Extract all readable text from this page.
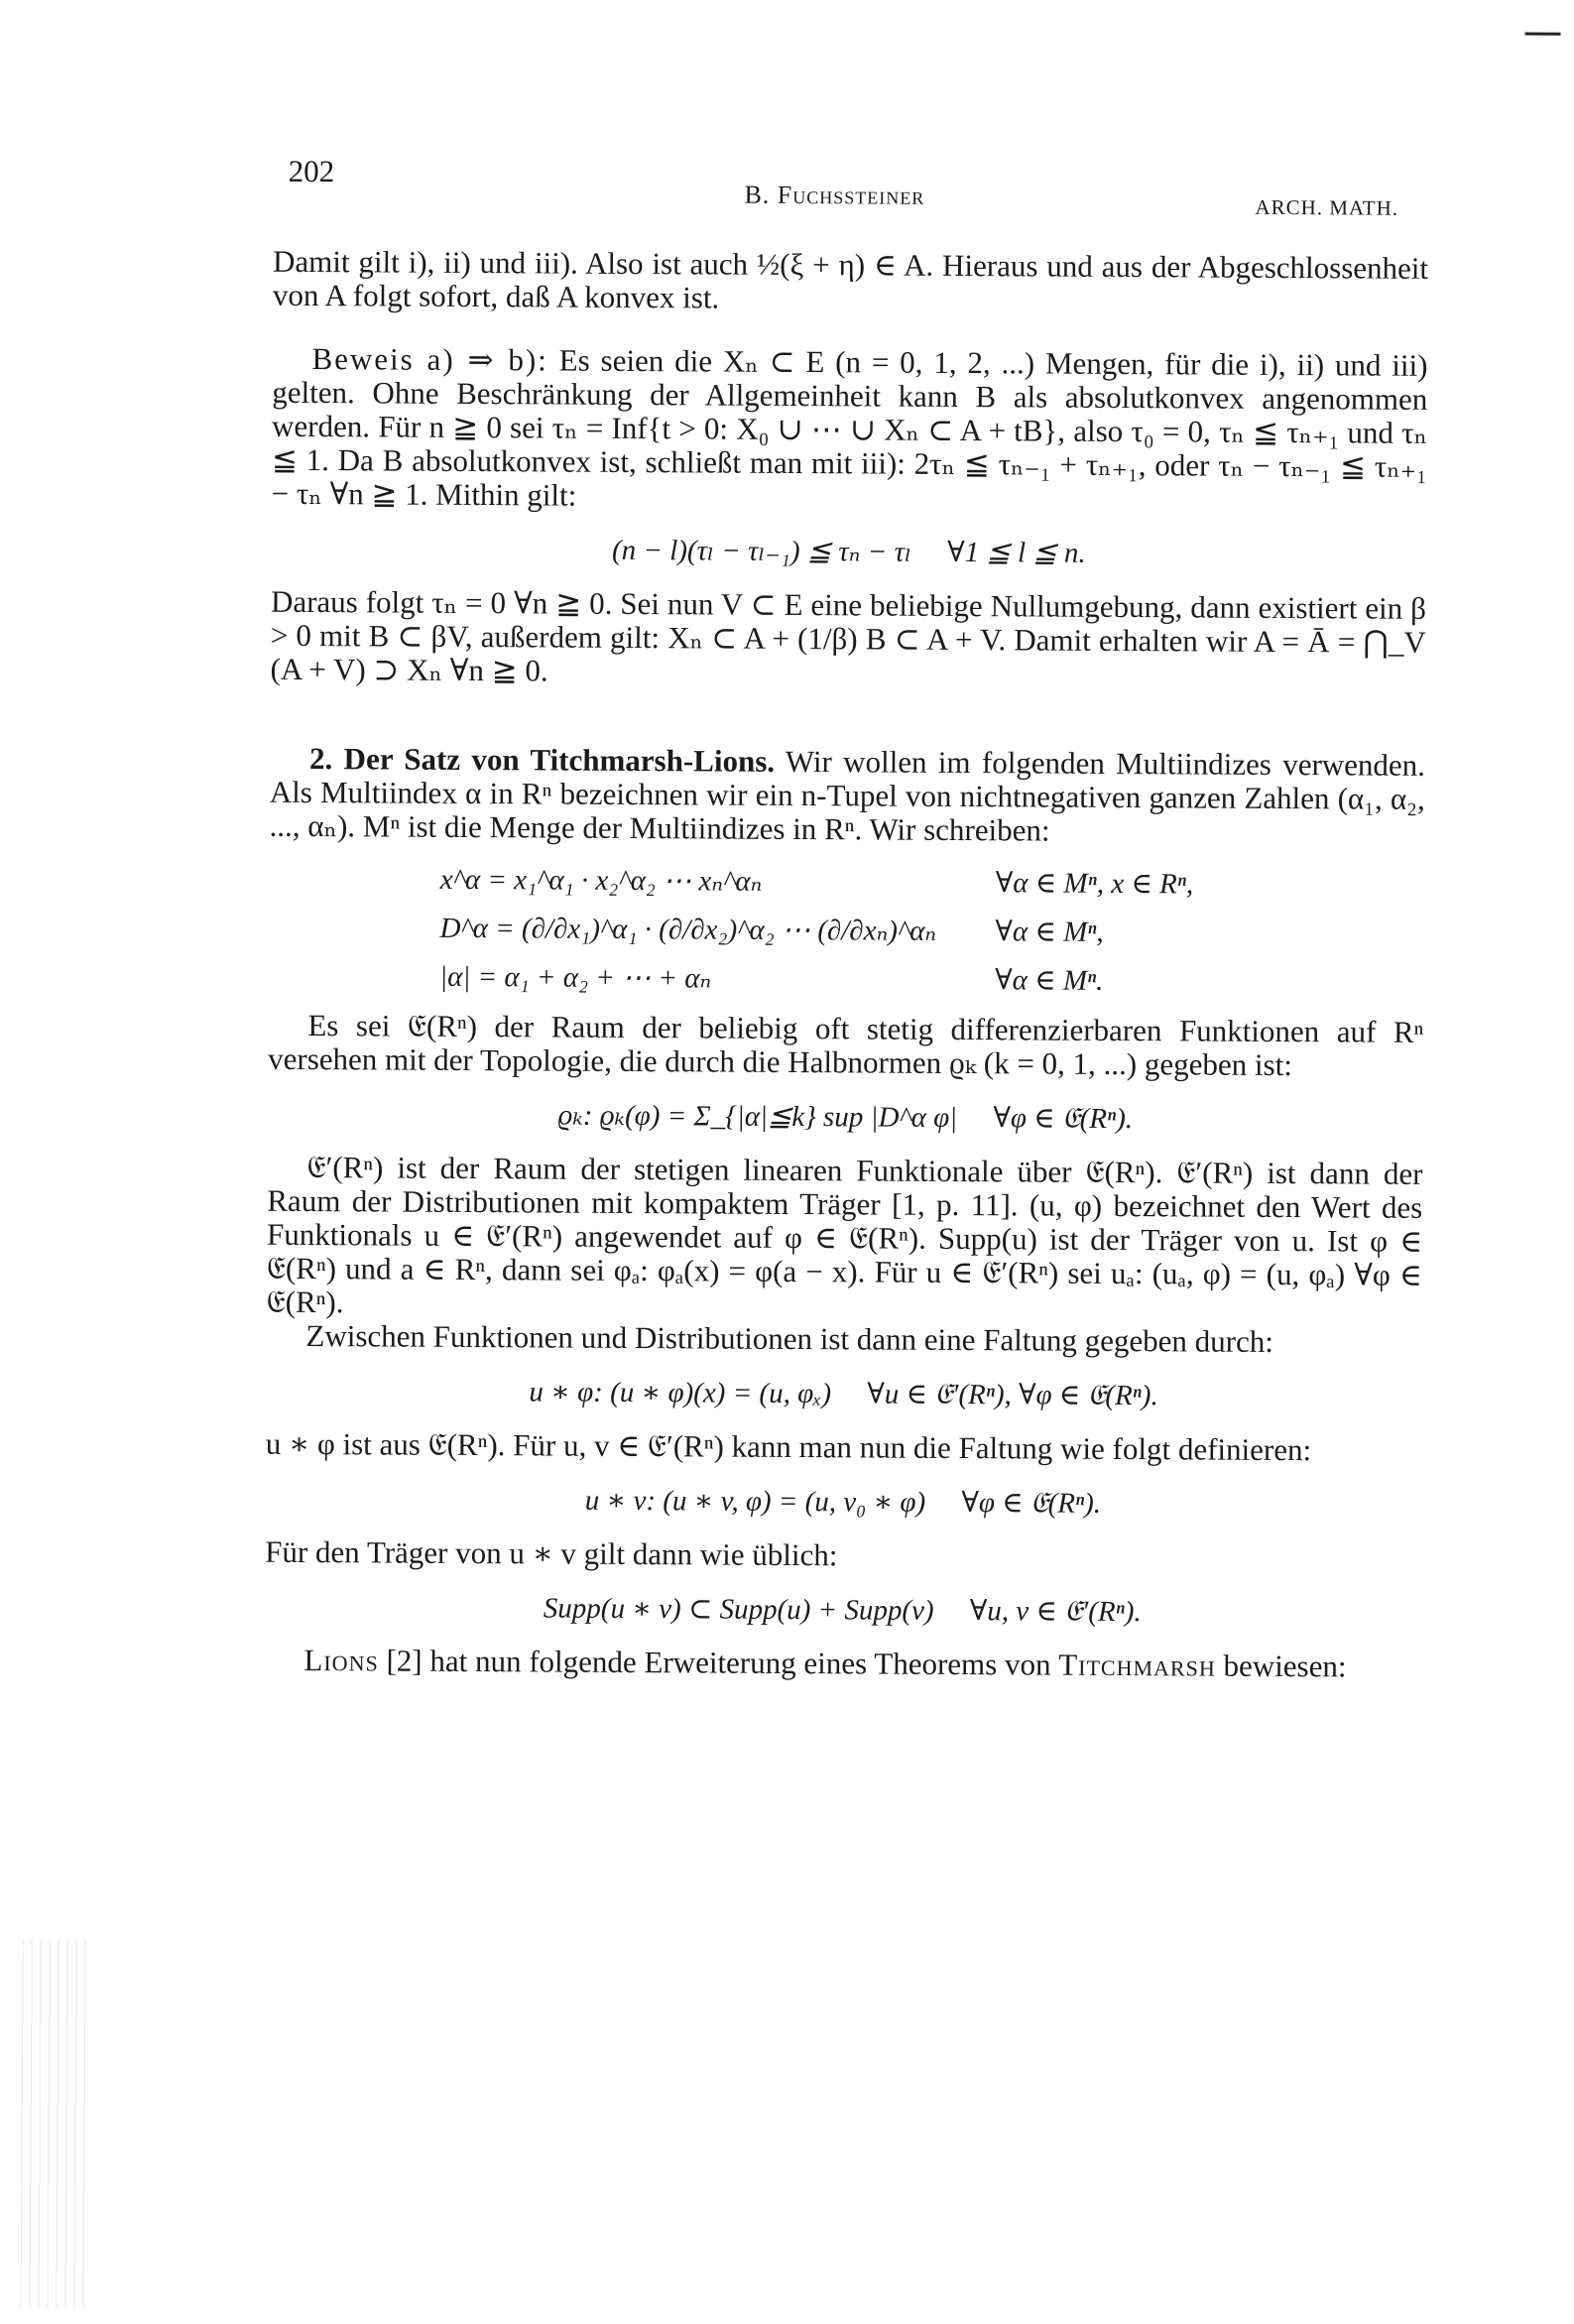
202
B. Fuchssteiner	ARCH. MATH.

Damit gilt i), ii) und iii). Also ist auch ½(ξ + η) ∈ A. Hieraus und aus der Abgeschlossenheit von A folgt sofort, daß A konvex ist.

Beweis a) ⇒ b): Es seien die Xₙ ⊂ E (n = 0, 1, 2, ...) Mengen, für die i), ii) und iii) gelten. Ohne Beschränkung der Allgemeinheit kann B als absolutkonvex angenommen werden. Für n ≧ 0 sei τₙ = Inf{t > 0: X₀ ∪ ⋯ ∪ Xₙ ⊂ A + tB}, also τ₀ = 0, τₙ ≦ τₙ₊₁ und τₙ ≦ 1. Da B absolutkonvex ist, schließt man mit iii): 2τₙ ≦ τₙ₋₁ + τₙ₊₁, oder τₙ − τₙ₋₁ ≦ τₙ₊₁ − τₙ ∀n ≧ 1. Mithin gilt:

(n − l)(τₗ − τₗ₋₁) ≦ τₙ − τₗ     ∀1 ≦ l ≦ n.

Daraus folgt τₙ = 0 ∀n ≧ 0. Sei nun V ⊂ E eine beliebige Nullumgebung, dann existiert ein β > 0 mit B ⊂ βV, außerdem gilt: Xₙ ⊂ A + (1/β) B ⊂ A + V. Damit erhalten wir A = Ā = ⋂_V (A + V) ⊃ Xₙ ∀n ≧ 0.

2. Der Satz von Titchmarsh-Lions. Wir wollen im folgenden Multiindizes verwenden. Als Multiindex α in Rⁿ bezeichnen wir ein n-Tupel von nichtnegativen ganzen Zahlen (α₁, α₂, ..., αₙ). Mⁿ ist die Menge der Multiindizes in Rⁿ. Wir schreiben:

x^α = x₁^α₁ · x₂^α₂ ⋯ xₙ^αₙ	∀α ∈ Mⁿ, x ∈ Rⁿ,
D^α = (∂/∂x₁)^α₁ · (∂/∂x₂)^α₂ ⋯ (∂/∂xₙ)^αₙ	∀α ∈ Mⁿ,
|α| = α₁ + α₂ + ⋯ + αₙ	∀α ∈ Mⁿ.

Es sei 𝔈(Rⁿ) der Raum der beliebig oft stetig differenzierbaren Funktionen auf Rⁿ versehen mit der Topologie, die durch die Halbnormen ϱₖ (k = 0, 1, ...) gegeben ist:

ϱₖ: ϱₖ(φ) = Σ_{|α|≦k} sup |D^α φ|     ∀φ ∈ 𝔈(Rⁿ).

𝔈′(Rⁿ) ist der Raum der stetigen linearen Funktionale über 𝔈(Rⁿ). 𝔈′(Rⁿ) ist dann der Raum der Distributionen mit kompaktem Träger [1, p. 11]. (u, φ) bezeichnet den Wert des Funktionals u ∈ 𝔈′(Rⁿ) angewendet auf φ ∈ 𝔈(Rⁿ). Supp(u) ist der Träger von u. Ist φ ∈ 𝔈(Rⁿ) und a ∈ Rⁿ, dann sei φₐ: φₐ(x) = φ(a − x). Für u ∈ 𝔈′(Rⁿ) sei uₐ: (uₐ, φ) = (u, φₐ) ∀φ ∈ 𝔈(Rⁿ).

Zwischen Funktionen und Distributionen ist dann eine Faltung gegeben durch:

u ∗ φ: (u ∗ φ)(x) = (u, φₓ)     ∀u ∈ 𝔈′(Rⁿ), ∀φ ∈ 𝔈(Rⁿ).

u ∗ φ ist aus 𝔈(Rⁿ). Für u, v ∈ 𝔈′(Rⁿ) kann man nun die Faltung wie folgt definieren:

u ∗ v: (u ∗ v, φ) = (u, v₀ ∗ φ)     ∀φ ∈ 𝔈(Rⁿ).

Für den Träger von u ∗ v gilt dann wie üblich:

Supp(u ∗ v) ⊂ Supp(u) + Supp(v)     ∀u, v ∈ 𝔈′(Rⁿ).

Lions [2] hat nun folgende Erweiterung eines Theorems von Titchmarsh bewiesen:
